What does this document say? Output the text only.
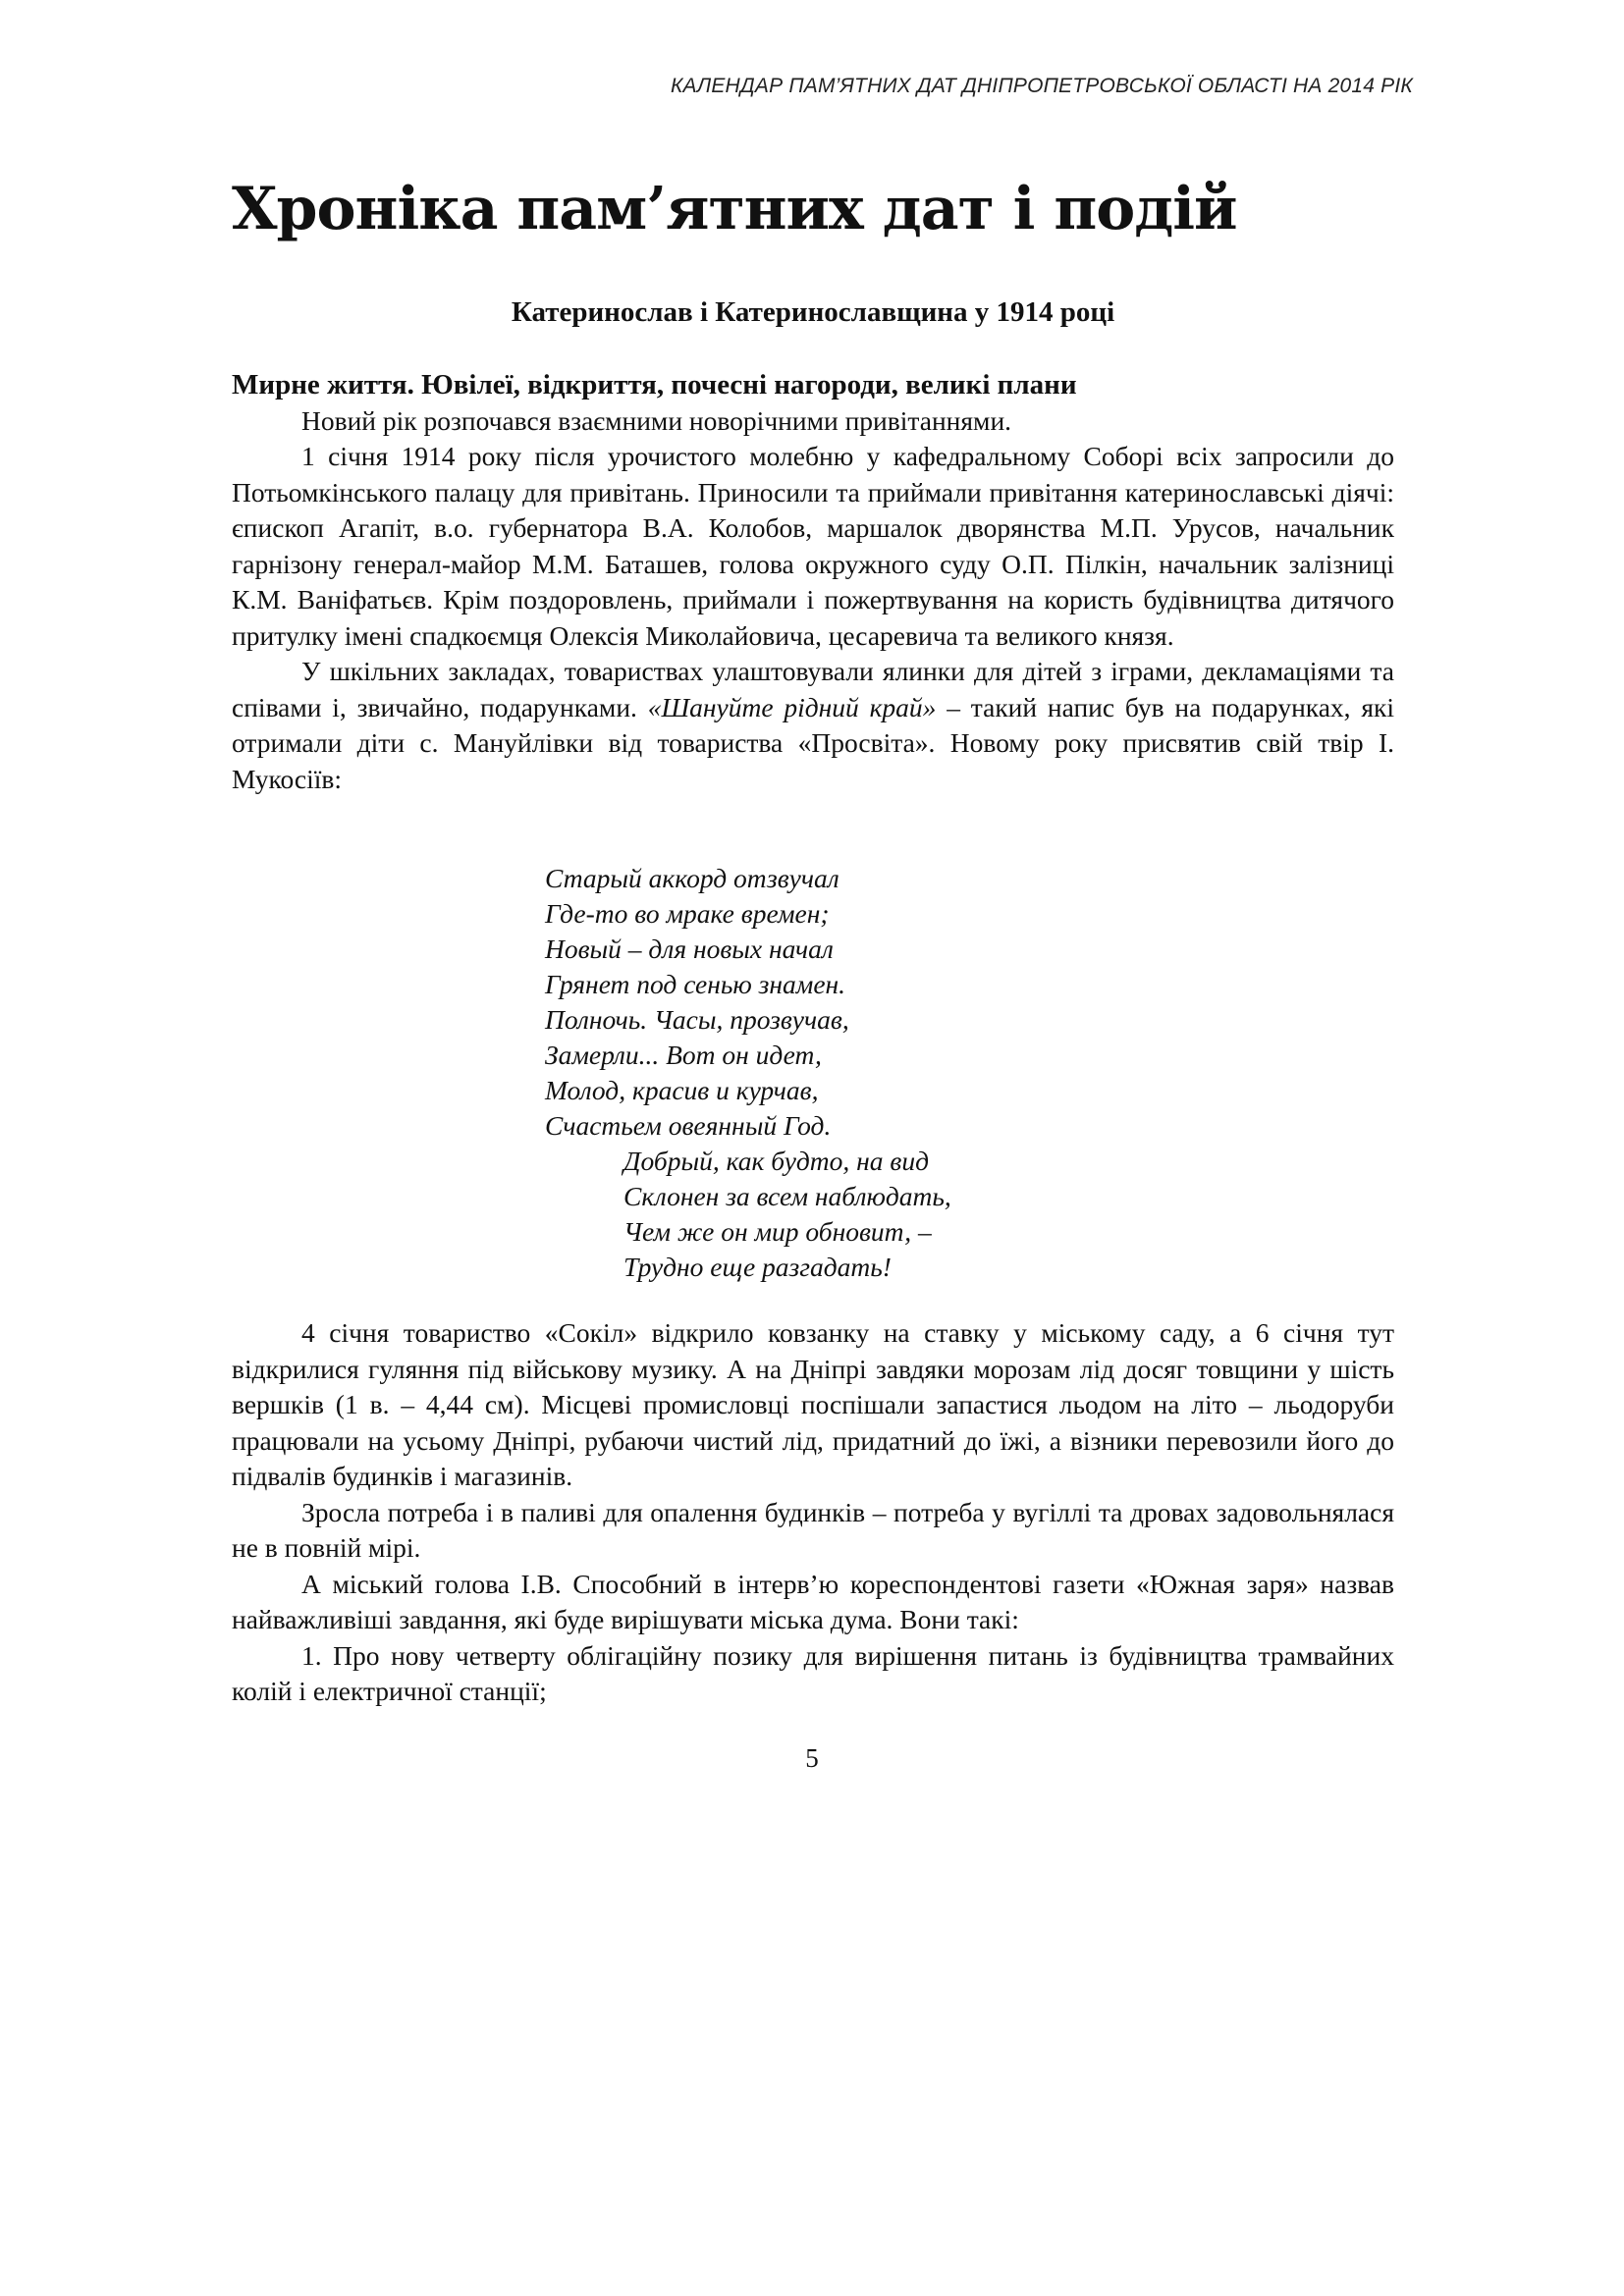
КАЛЕНДАР ПАМ’ЯТНИХ ДАТ ДНІПРОПЕТРОВСЬКОЇ ОБЛАСТІ НА 2014 РІК
Хроніка пам’ятних дат і подій
Катеринослав і Катеринославщина у 1914 році
Мирне життя. Ювілеї, відкриття, почесні нагороди, великі плани

Новий рік розпочався взаємними новорічними привітаннями.

1 січня 1914 року після урочистого молебню у кафедральному Соборі всіх запросили до Потьомкінського палацу для привітань. Приносили та приймали привітання катеринославські діячі: єпископ Агапіт, в.о. губернатора В.А. Колобов, маршалок дворянства М.П. Урусов, начальник гарнізону генерал-майор М.М. Баташев, голова окружного суду О.П. Пілкін, начальник залізниці К.М. Ваніфатьєв. Крім поздоровлень, приймали і пожертвування на користь будівництва дитячого притулку імені спадкоємця Олексія Миколайовича, цесаревича та великого князя.

У шкільних закладах, товариствах улаштовували ялинки для дітей з іграми, декламаціями та співами і, звичайно, подарунками. «Шануйте рідний край» – такий напис був на подарунках, які отримали діти с. Мануйлівки від товариства «Просвіта». Новому року присвятив свій твір І. Мукосіїв:

Старый аккорд отзвучал
Где-то во мраке времен;
Новый – для новых начал
Грянет под сенью знамен.
Полночь. Часы, прозвучав,
Замерли... Вот он идет,
Молод, красив и курчав,
Счастьем овеянный Год.
Добрый, как будто, на вид
Склонен за всем наблюдать,
Чем же он мир обновит, –
Трудно еще разгадать!

4 січня товариство «Сокіл» відкрило ковзанку на ставку у міському саду, а 6 січня тут відкрилися гуляння під військову музику. А на Дніпрі завдяки морозам лід досяг товщини у шість вершків (1 в. – 4,44 см). Місцеві промисловці поспішали запастися льодом на літо – льодоруби працювали на усьому Дніпрі, рубаючи чистий лід, придатний до їжі, а візники перевозили його до підвалів будинків і магазинів.

Зросла потреба і в паливі для опалення будинків – потреба у вугіллі та дровах задовольнялася не в повній мірі.

А міський голова І.В. Способний в інтерв’ю кореспондентові газети «Южная заря» назвав найважливіші завдання, які буде вирішувати міська дума. Вони такі:

1. Про нову четверту облігаційну позику для вирішення питань із будівництва трамвайних колій і електричної станції;

5
